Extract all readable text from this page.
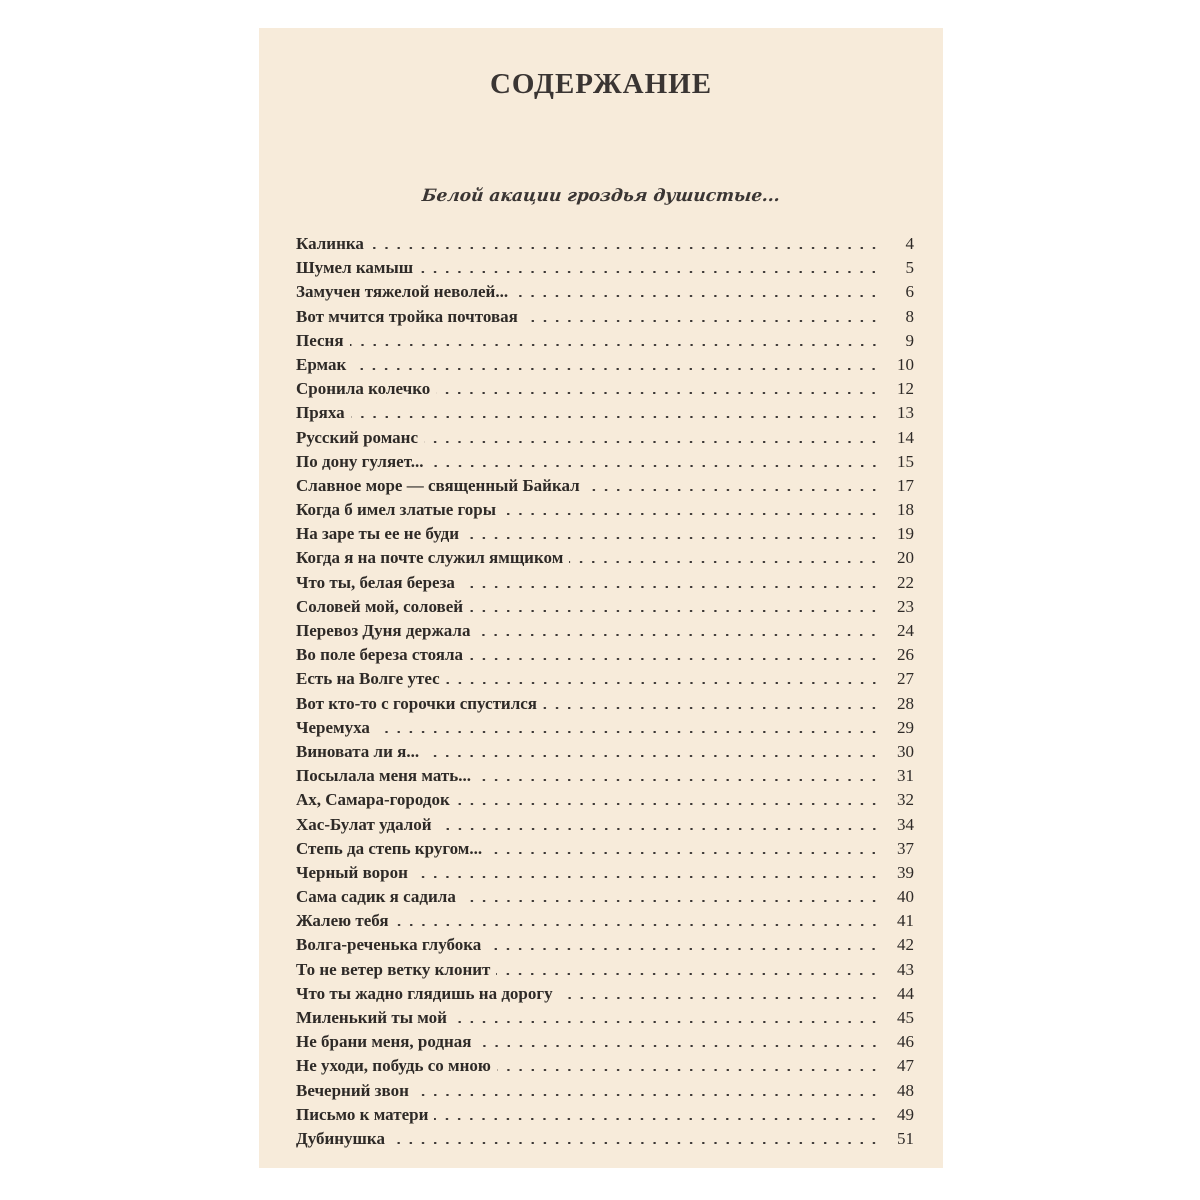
СОДЕРЖАНИЕ
Белой акации гроздья душистые...
Калинка	4
Шумел камыш	5
Замучен тяжелой неволей...	6
Вот мчится тройка почтовая	8
Песня	9
Ермак	10
Сронила колечко	12
Пряха	13
Русский романс	14
По дону гуляет...	15
Славное море — священный Байкал	17
Когда б имел златые горы	18
На заре ты ее не буди	19
Когда я на почте служил ямщиком	20
Что ты, белая береза	22
Соловей мой, соловей	23
Перевоз Дуня держала	24
Во поле береза стояла	26
Есть на Волге утес	27
Вот кто-то с горочки спустился	28
Черемуха	29
Виновата ли я...	30
Посылала меня мать...	31
Ах, Самара-городок	32
Хас-Булат удалой	34
Степь да степь кругом...	37
Черный ворон	39
Сама садик я садила	40
Жалею тебя	41
Волга-реченька глубока	42
То не ветер ветку клонит	43
Что ты жадно глядишь на дорогу	44
Миленький ты мой	45
Не брани меня, родная	46
Не уходи, побудь со мною	47
Вечерний звон	48
Письмо к матери	49
Дубинушка	51
